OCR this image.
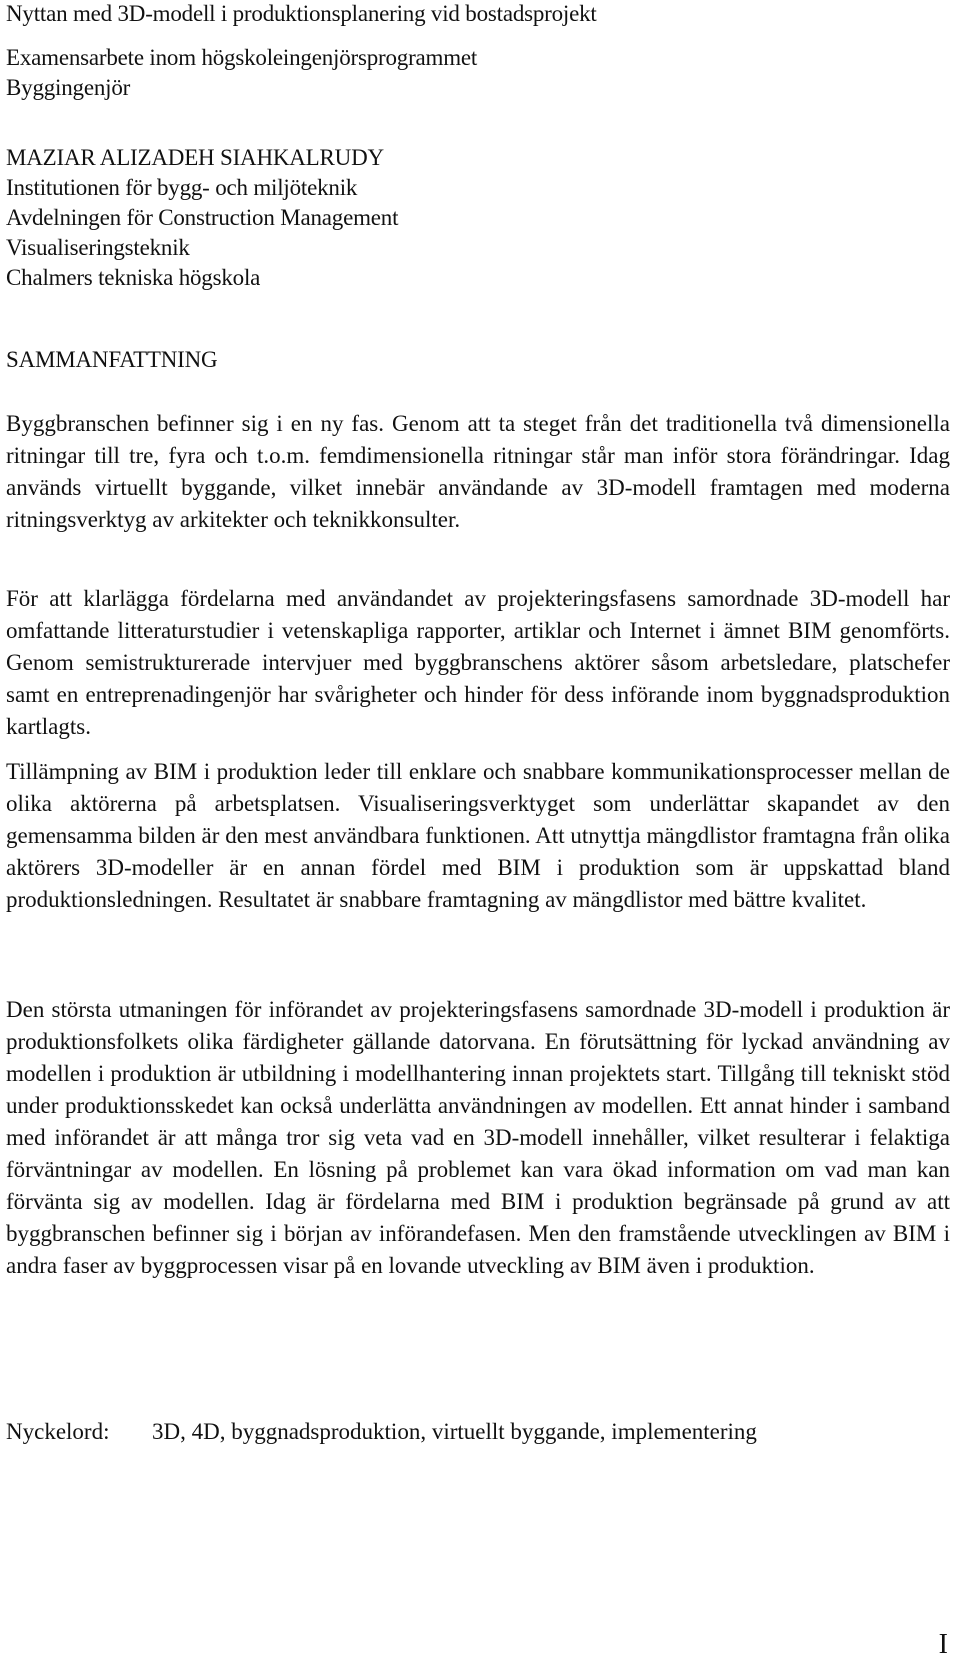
Nyttan med 3D-modell i produktionsplanering vid bostadsprojekt
Examensarbete inom högskoleingenjörsprogrammet
Byggingenjör
MAZIAR ALIZADEH SIAHKALRUDY
Institutionen för bygg- och miljöteknik
Avdelningen för Construction Management
Visualiseringsteknik
Chalmers tekniska högskola
SAMMANFATTNING

Byggbranschen befinner sig i en ny fas. Genom att ta steget från det traditionella två dimensionella ritningar till tre, fyra och t.o.m. femdimensionella ritningar står man inför stora förändringar. Idag används virtuellt byggande, vilket innebär användande av 3D-modell framtagen med moderna ritningsverktyg av arkitekter och teknikkonsulter.

För att klarlägga fördelarna med användandet av projekteringsfasens samordnade 3D-modell har omfattande litteraturstudier i vetenskapliga rapporter, artiklar och Internet i ämnet BIM genomförts. Genom semistrukturerade intervjuer med byggbranschens aktörer såsom arbetsledare, platschefer samt en entreprenadingenjör har svårigheter och hinder för dess införande inom byggnadsproduktion kartlagts.

Tillämpning av BIM i produktion leder till enklare och snabbare kommunikationsprocesser mellan de olika aktörerna på arbetsplatsen. Visualiseringsverktyget som underlättar skapandet av den gemensamma bilden är den mest användbara funktionen. Att utnyttja mängdlistor framtagna från olika aktörers 3D-modeller är en annan fördel med BIM i produktion som är uppskattad bland produktionsledningen. Resultatet är snabbare framtagning av mängdlistor med bättre kvalitet.

Den största utmaningen för införandet av projekteringsfasens samordnade 3D-modell i produktion är produktionsfolkets olika färdigheter gällande datorvana. En förutsättning för lyckad användning av modellen i produktion är utbildning i modellhantering innan projektets start. Tillgång till tekniskt stöd under produktionsskedet kan också underlätta användningen av modellen. Ett annat hinder i samband med införandet är att många tror sig veta vad en 3D-modell innehåller, vilket resulterar i felaktiga förväntningar av modellen. En lösning på problemet kan vara ökad information om vad man kan förvänta sig av modellen. Idag är fördelarna med BIM i produktion begränsade på grund av att byggbranschen befinner sig i början av införandefasen. Men den framstående utvecklingen av BIM i andra faser av byggprocessen visar på en lovande utveckling av BIM även i produktion.

Nyckelord: 3D, 4D, byggnadsproduktion, virtuellt byggande, implementering
I
